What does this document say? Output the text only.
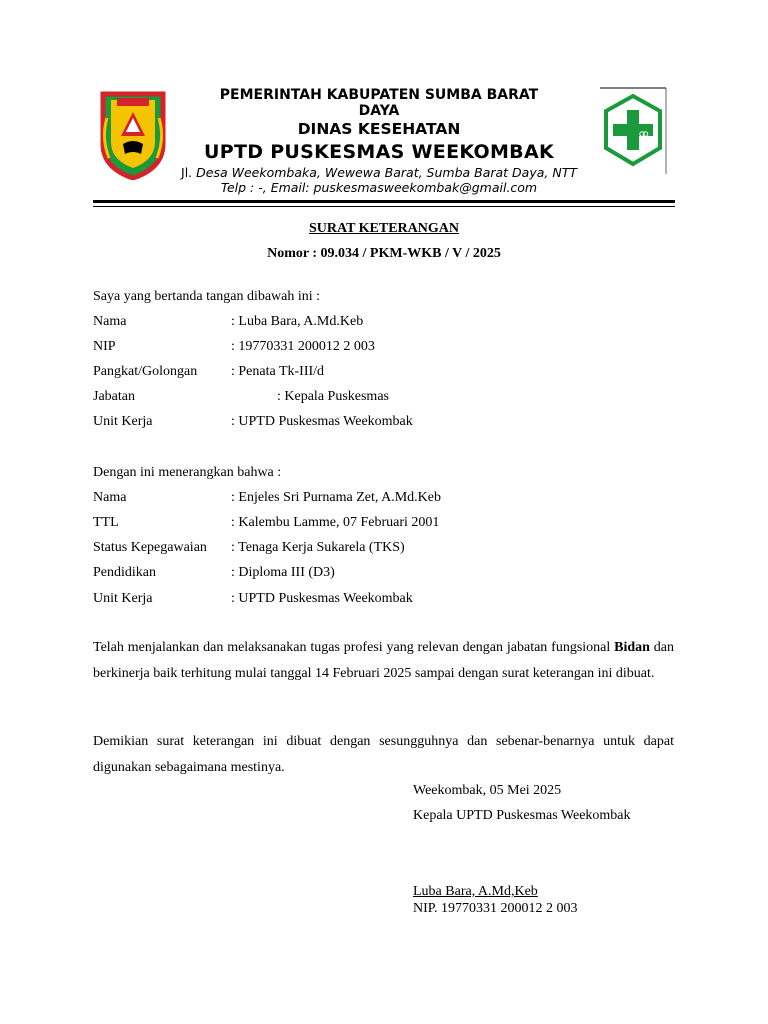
PEMERINTAH KABUPATEN SUMBA BARAT
DAYA
DINAS KESEHATAN
UPTD PUSKESMAS WEEKOMBAK
Jl. Desa Weekombaka, Wewewa Barat, Sumba Barat Daya, NTT
Telp : -, Email: puskesmasweekombak@gmail.com
SURAT KETERANGAN
Nomor : 09.034 / PKM-WKB / V / 2025
Saya yang bertanda tangan dibawah ini :
Nama	: Luba Bara, A.Md.Keb
NIP	: 19770331 200012 2 003
Pangkat/Golongan : Penata Tk-III/d
Jabatan	: Kepala Puskesmas
Unit Kerja	: UPTD Puskesmas Weekombak
Dengan ini menerangkan bahwa :
Nama	: Enjeles Sri Purnama Zet, A.Md.Keb
TTL	: Kalembu Lamme, 07 Februari 2001
Status Kepegawaian : Tenaga Kerja Sukarela (TKS)
Pendidikan	: Diploma III (D3)
Unit Kerja	: UPTD Puskesmas Weekombak
Telah menjalankan dan melaksanakan tugas profesi yang relevan dengan jabatan fungsional Bidan dan berkinerja baik terhitung mulai tanggal 14 Februari 2025 sampai dengan surat keterangan ini dibuat.
Demikian surat keterangan ini dibuat dengan sesungguhnya dan sebenar-benarnya untuk dapat digunakan sebagaimana mestinya.
Weekombak, 05 Mei 2025
Kepala UPTD Puskesmas Weekombak
Luba Bara, A.Md,Keb
NIP. 19770331 200012 2 003
